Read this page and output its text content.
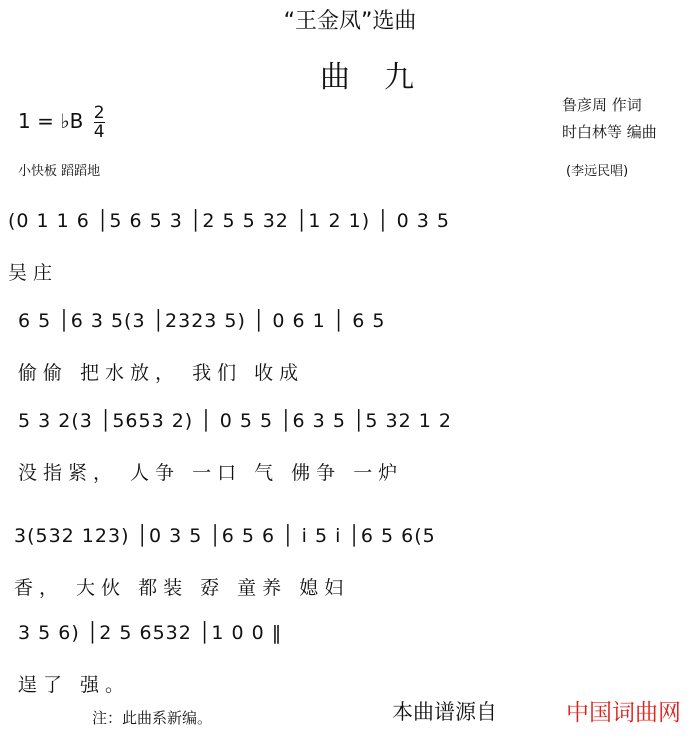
“王金凤”选曲
曲九
鲁彦周 作词
时白林等 编曲
1 = ♭B $\frac{2}{4}$
小快板 蹈蹈地	(李远民唱)
(0 1 1 6 │5 6 5 3 │2 5 5 32 │1 2 1) │ 0 3 5
吴庄
6 5 │6 3 5(3 │2323 5) │ 0 6 1 │ 6 5
偷偷 把水放， 我们 收成
5 3 2(3 │5653 2) │ 0 5 5 │6 3 5 │5 32 1 2
没指紧， 人争 一口 气 佛争 一炉
3(532 123) │0 3 5 │6 5 6 │ i 5 i │6 5 6(5
香， 大伙 都装 孬 童养 媳妇
3 5 6) │2 5 6532 │1 0 0 ‖
逞了 强。
本曲谱源自	中国词曲网
注：此曲系新编。
